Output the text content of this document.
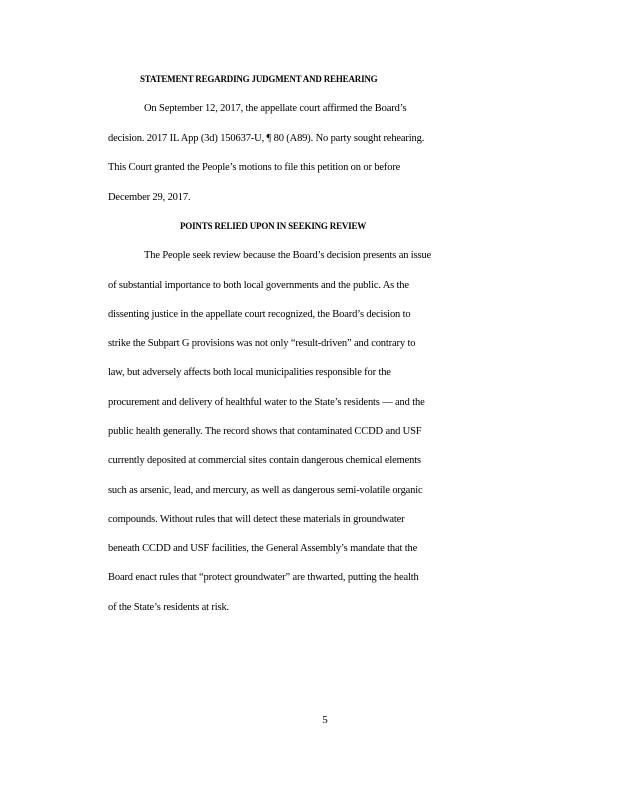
STATEMENT REGARDING JUDGMENT AND REHEARING
On September 12, 2017, the appellate court affirmed the Board’s
decision. 2017 IL App (3d) 150637-U, ¶ 80 (A89). No party sought rehearing.
This Court granted the People’s motions to file this petition on or before
December 29, 2017.
POINTS RELIED UPON IN SEEKING REVIEW
The People seek review because the Board’s decision presents an issue
of substantial importance to both local governments and the public. As the
dissenting justice in the appellate court recognized, the Board’s decision to
strike the Subpart G provisions was not only “result-driven” and contrary to
law, but adversely affects both local municipalities responsible for the
procurement and delivery of healthful water to the State’s residents — and the
public health generally. The record shows that contaminated CCDD and USF
currently deposited at commercial sites contain dangerous chemical elements
such as arsenic, lead, and mercury, as well as dangerous semi-volatile organic
compounds. Without rules that will detect these materials in groundwater
beneath CCDD and USF facilities, the General Assembly’s mandate that the
Board enact rules that “protect groundwater” are thwarted, putting the health
of the State’s residents at risk.
5
